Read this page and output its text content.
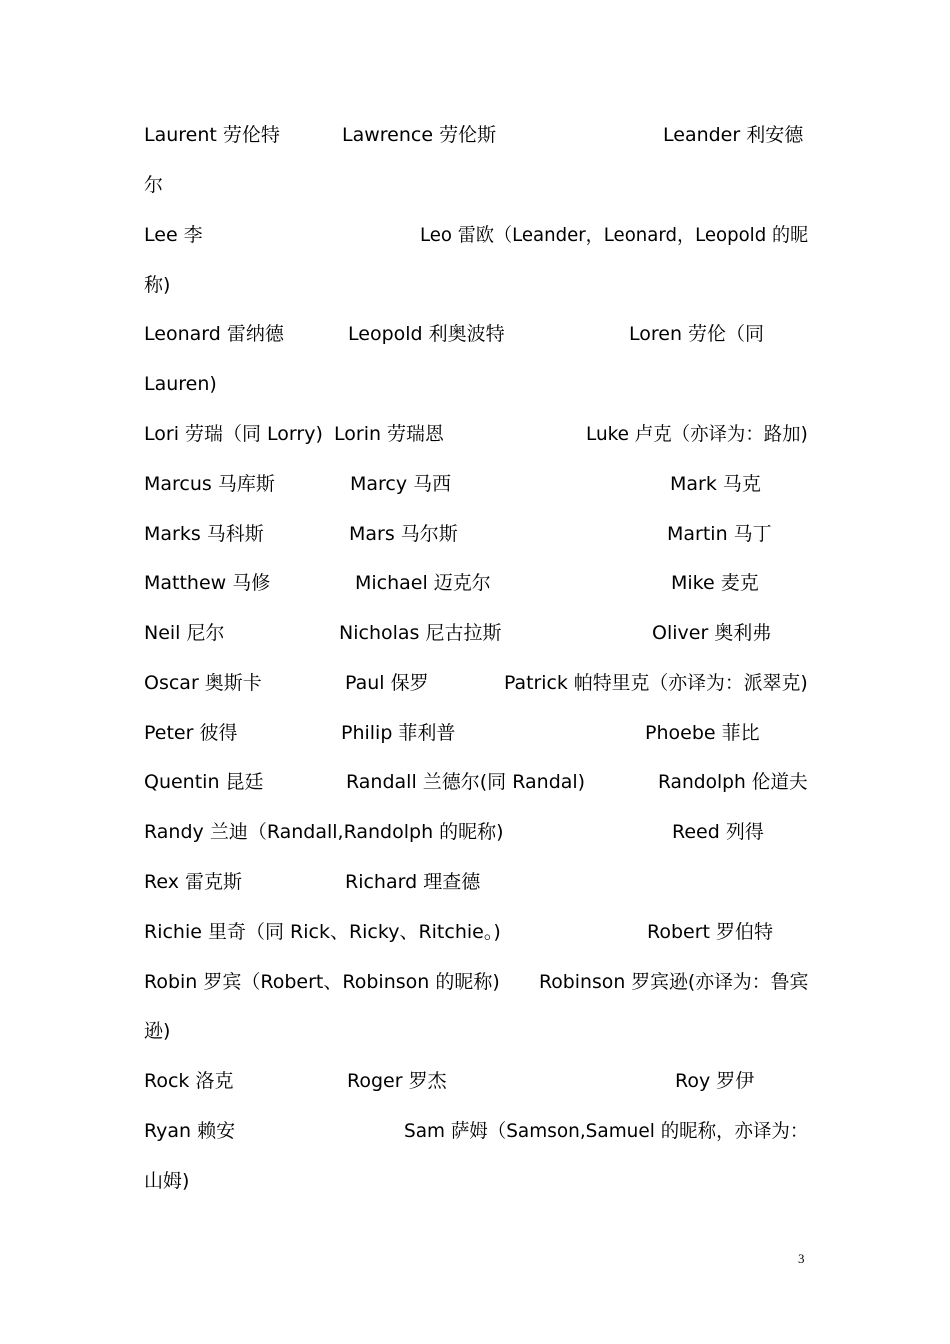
Laurent 劳伦特	Lawrence 劳伦斯	Leander 利安德
尔
Lee 李	Leo 雷欧（Leander，Leonard，Leopold 的昵
称)
Leonard 雷纳德	Leopold 利奥波特	Loren 劳伦（同
Lauren)
Lori 劳瑞（同 Lorry) Lorin 劳瑞恩	Luke 卢克（亦译为：路加)
Marcus 马库斯	Marcy 马西	Mark 马克
Marks 马科斯	Mars 马尔斯	Martin 马丁
Matthew 马修	Michael 迈克尔	Mike 麦克
Neil 尼尔	Nicholas 尼古拉斯	Oliver 奥利弗
Oscar 奥斯卡	Paul 保罗	Patrick 帕特里克（亦译为：派翠克)
Peter 彼得	Philip 菲利普	Phoebe 菲比
Quentin 昆廷	Randall 兰德尔(同 Randal)	Randolph 伦道夫
Randy 兰迪（Randall,Randolph 的昵称)	Reed 列得
Rex 雷克斯	Richard 理查德
Richie 里奇（同 Rick、Ricky、Ritchie。)	Robert 罗伯特
Robin 罗宾（Robert、Robinson 的昵称) Robinson 罗宾逊(亦译为：鲁宾
逊)
Rock 洛克	Roger 罗杰	Roy 罗伊
Ryan 赖安	Sam 萨姆（Samson,Samuel 的昵称，亦译为：
山姆)
3
